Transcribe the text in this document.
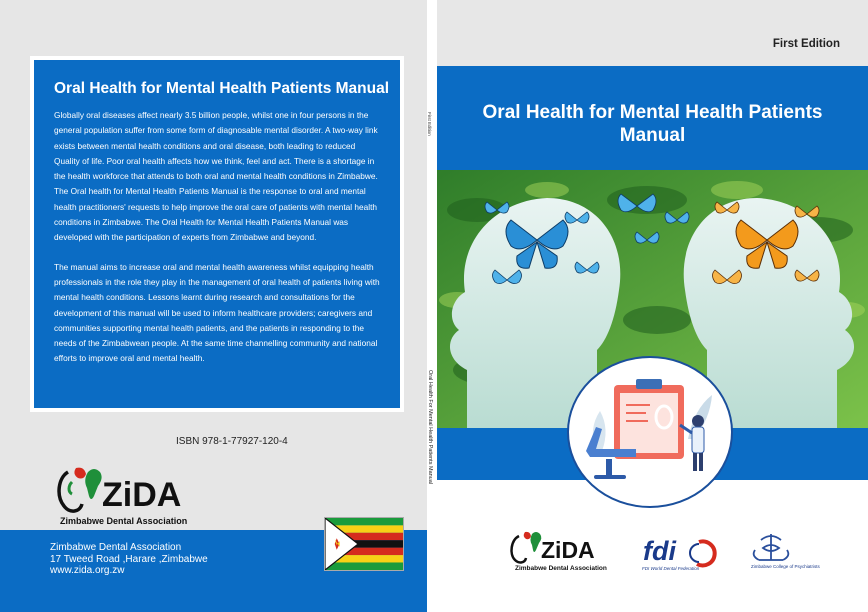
Oral Health for Mental Health Patients Manual

Globally oral diseases affect nearly 3.5 billion people, whilst one in four persons in the general population suffer from some form of diagnosable mental disorder. A two-way link exists between mental health conditions and oral disease, both leading to reduced Quality of life. Poor oral health affects how we think, feel and act. There is a shortage in the health workforce that attends to both oral and mental health conditions in Zimbabwe. The Oral health for Mental Health Patients Manual is the response to oral and mental health practitioners' requests to help improve the oral care of patients with mental health conditions in Zimbabwe. The Oral Health for Mental Health Patients Manual was developed with the participation of experts from Zimbabwe and beyond.

The manual aims to increase oral and mental health awareness whilst equipping health professionals in the role they play in the management of oral health of patients living with mental health conditions. Lessons learnt during research and consultations for the development of this manual will be used to inform healthcare providers; caregivers and communities supporting mental health patients, and the patients in responding to the needs of the Zimbabwean people. At the same time channelling community and national efforts to improve oral and mental health.

ISBN 978-1-77927-120-4
ZiDA
Zimbabwe Dental Association
Zimbabwe Dental Association
17 Tweed Road ,Harare ,Zimbabwe
www.zida.org.zw
First Edition
Oral Health For Mental Health Patients Manual
First Edition
Oral Health for Mental Health Patients
Manual
ZiDA fdi
Zimbabwe Dental Association	FDI World Dental Federation	Zimbabwe College of Psychiatrists
